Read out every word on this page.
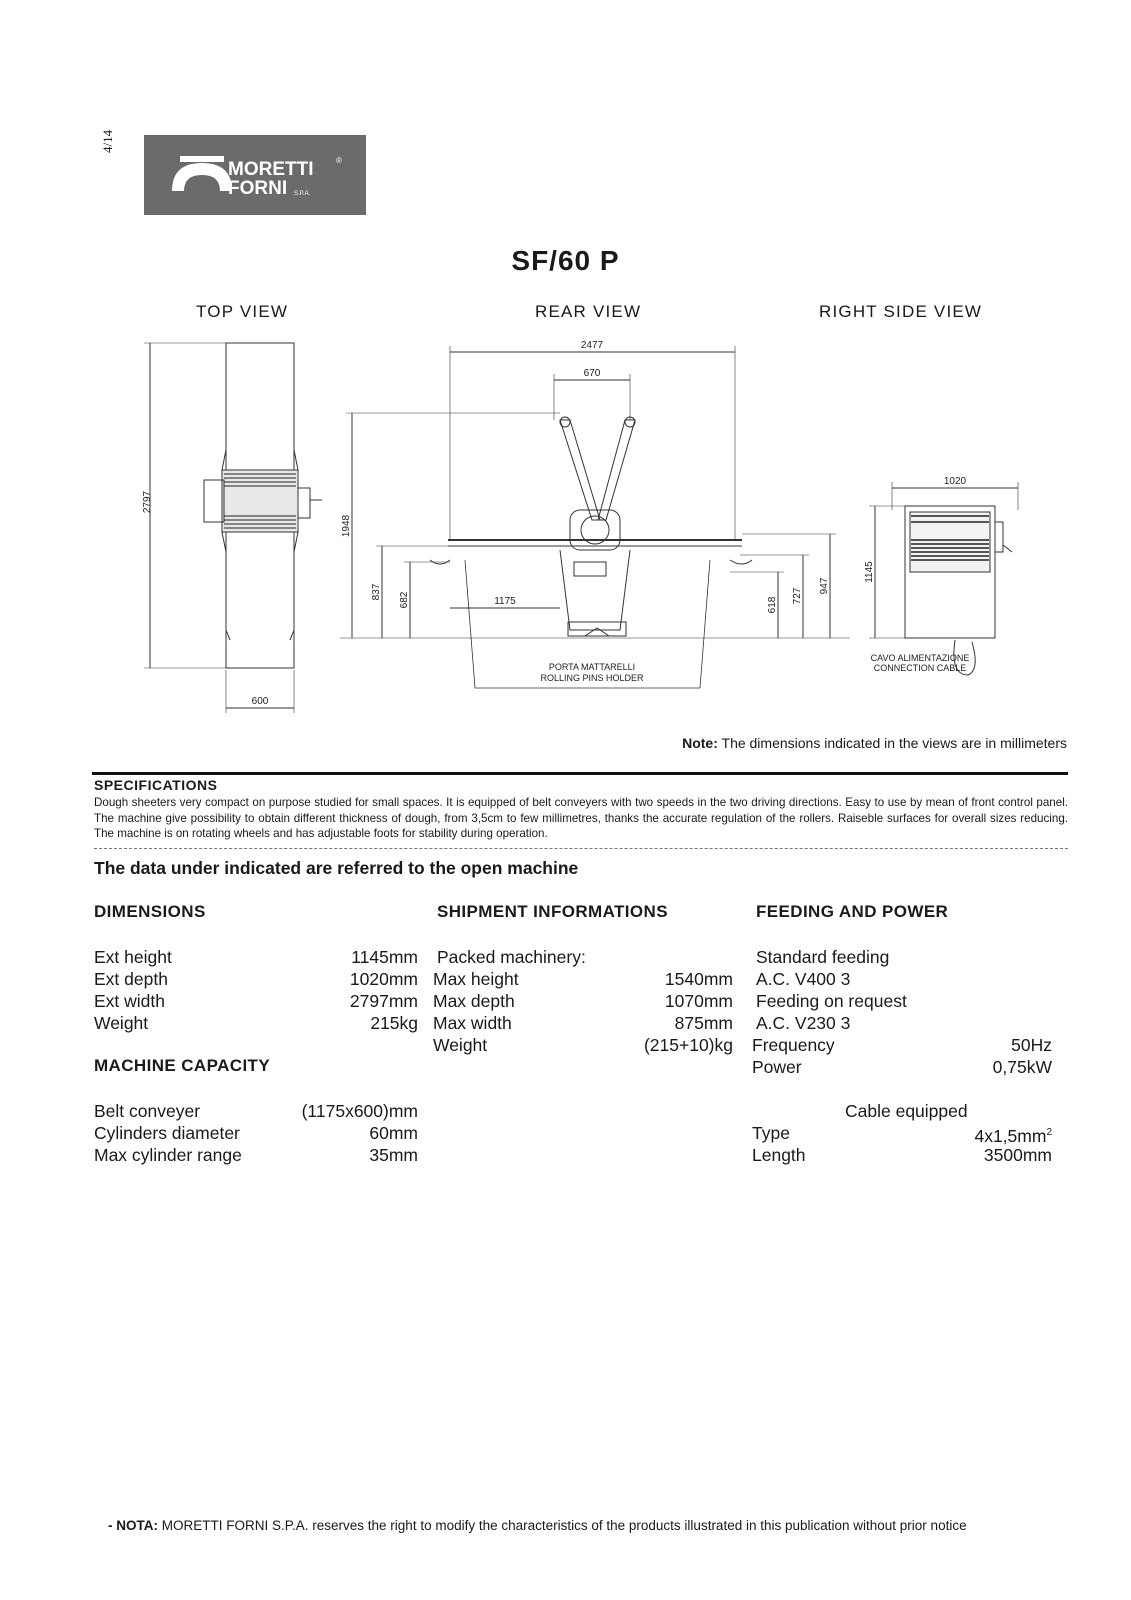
4/14
MORETTI
FORNI S.P.A.
®
SF/60 P
TOP VIEW	REAR VIEW	RIGHT SIDE VIEW
2797
600
2477
670
PORTA MATTARELLI
ROLLING PINS HOLDER
1948
837 682	1175	618
727
947
1020
1145
CAVO ALIMENTAZIONE
CONNECTION CABLE
Note: The dimensions indicated in the views are in millimeters
SPECIFICATIONS
Dough sheeters very compact on purpose studied for small spaces. It is equipped of belt conveyers with two speeds in the two driving directions. Easy to use by mean of front control panel. The machine give possibility to obtain different thickness of dough, from 3,5cm to few millimetres, thanks the accurate regulation of the rollers. Raiseble surfaces for overall sizes reducing. The machine is on rotating wheels and has adjustable foots for stability during operation.
The data under indicated are referred to the open machine
DIMENSIONS
Ext height	1145mm
Ext depth	1020mm
Ext width	2797mm
Weight	215kg
MACHINE CAPACITY
Belt conveyer	(1175x600)mm
Cylinders diameter	60mm
Max cylinder range	35mm
SHIPMENT INFORMATIONS
Packed machinery:
Max height	1540mm
Max depth	1070mm
Max width	875mm
Weight	(215+10)kg
FEEDING AND POWER
Standard feeding
A.C. V400 3
Feeding on request
A.C. V230 3
Frequency	50Hz
Power	0,75kW
Cable equipped
Type	$4x1,5mm^2$
Length	3500mm
- NOTA: MORETTI FORNI S.P.A. reserves the right to modify the characteristics of the products illustrated in this publication without prior notice
